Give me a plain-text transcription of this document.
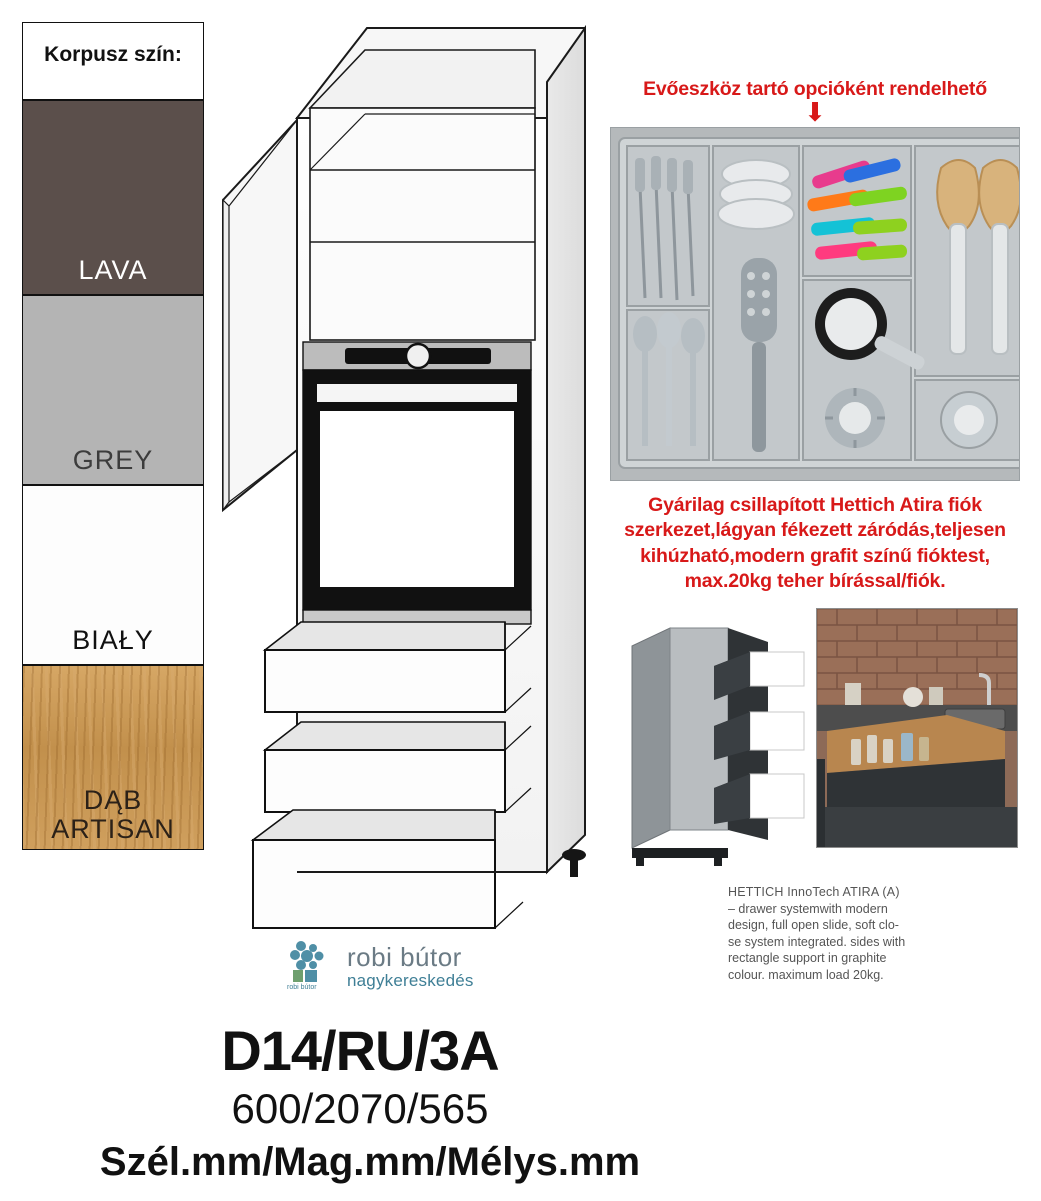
Korpusz szín:
LAVA
GREY
BIAŁY
DĄB
ARTISAN
Evőeszköz tartó opcióként rendelhető
⬇
Gyárilag csillapított Hettich Atira fiók
szerkezet,lágyan fékezett záródás,teljesen
kihúzható,modern grafit színű fióktest,
max.20kg teher bírással/fiók.
HETTICH InnoTech ATIRA (A)
– drawer systemwith modern
design, full open slide, soft clo-
se system integrated. sides with
rectangle support in graphite
colour. maximum load 20kg.
robi bútor
robi bútor
nagykereskedés
D14/RU/3A
600/2070/565
Szél.mm/Mag.mm/Mélys.mm
